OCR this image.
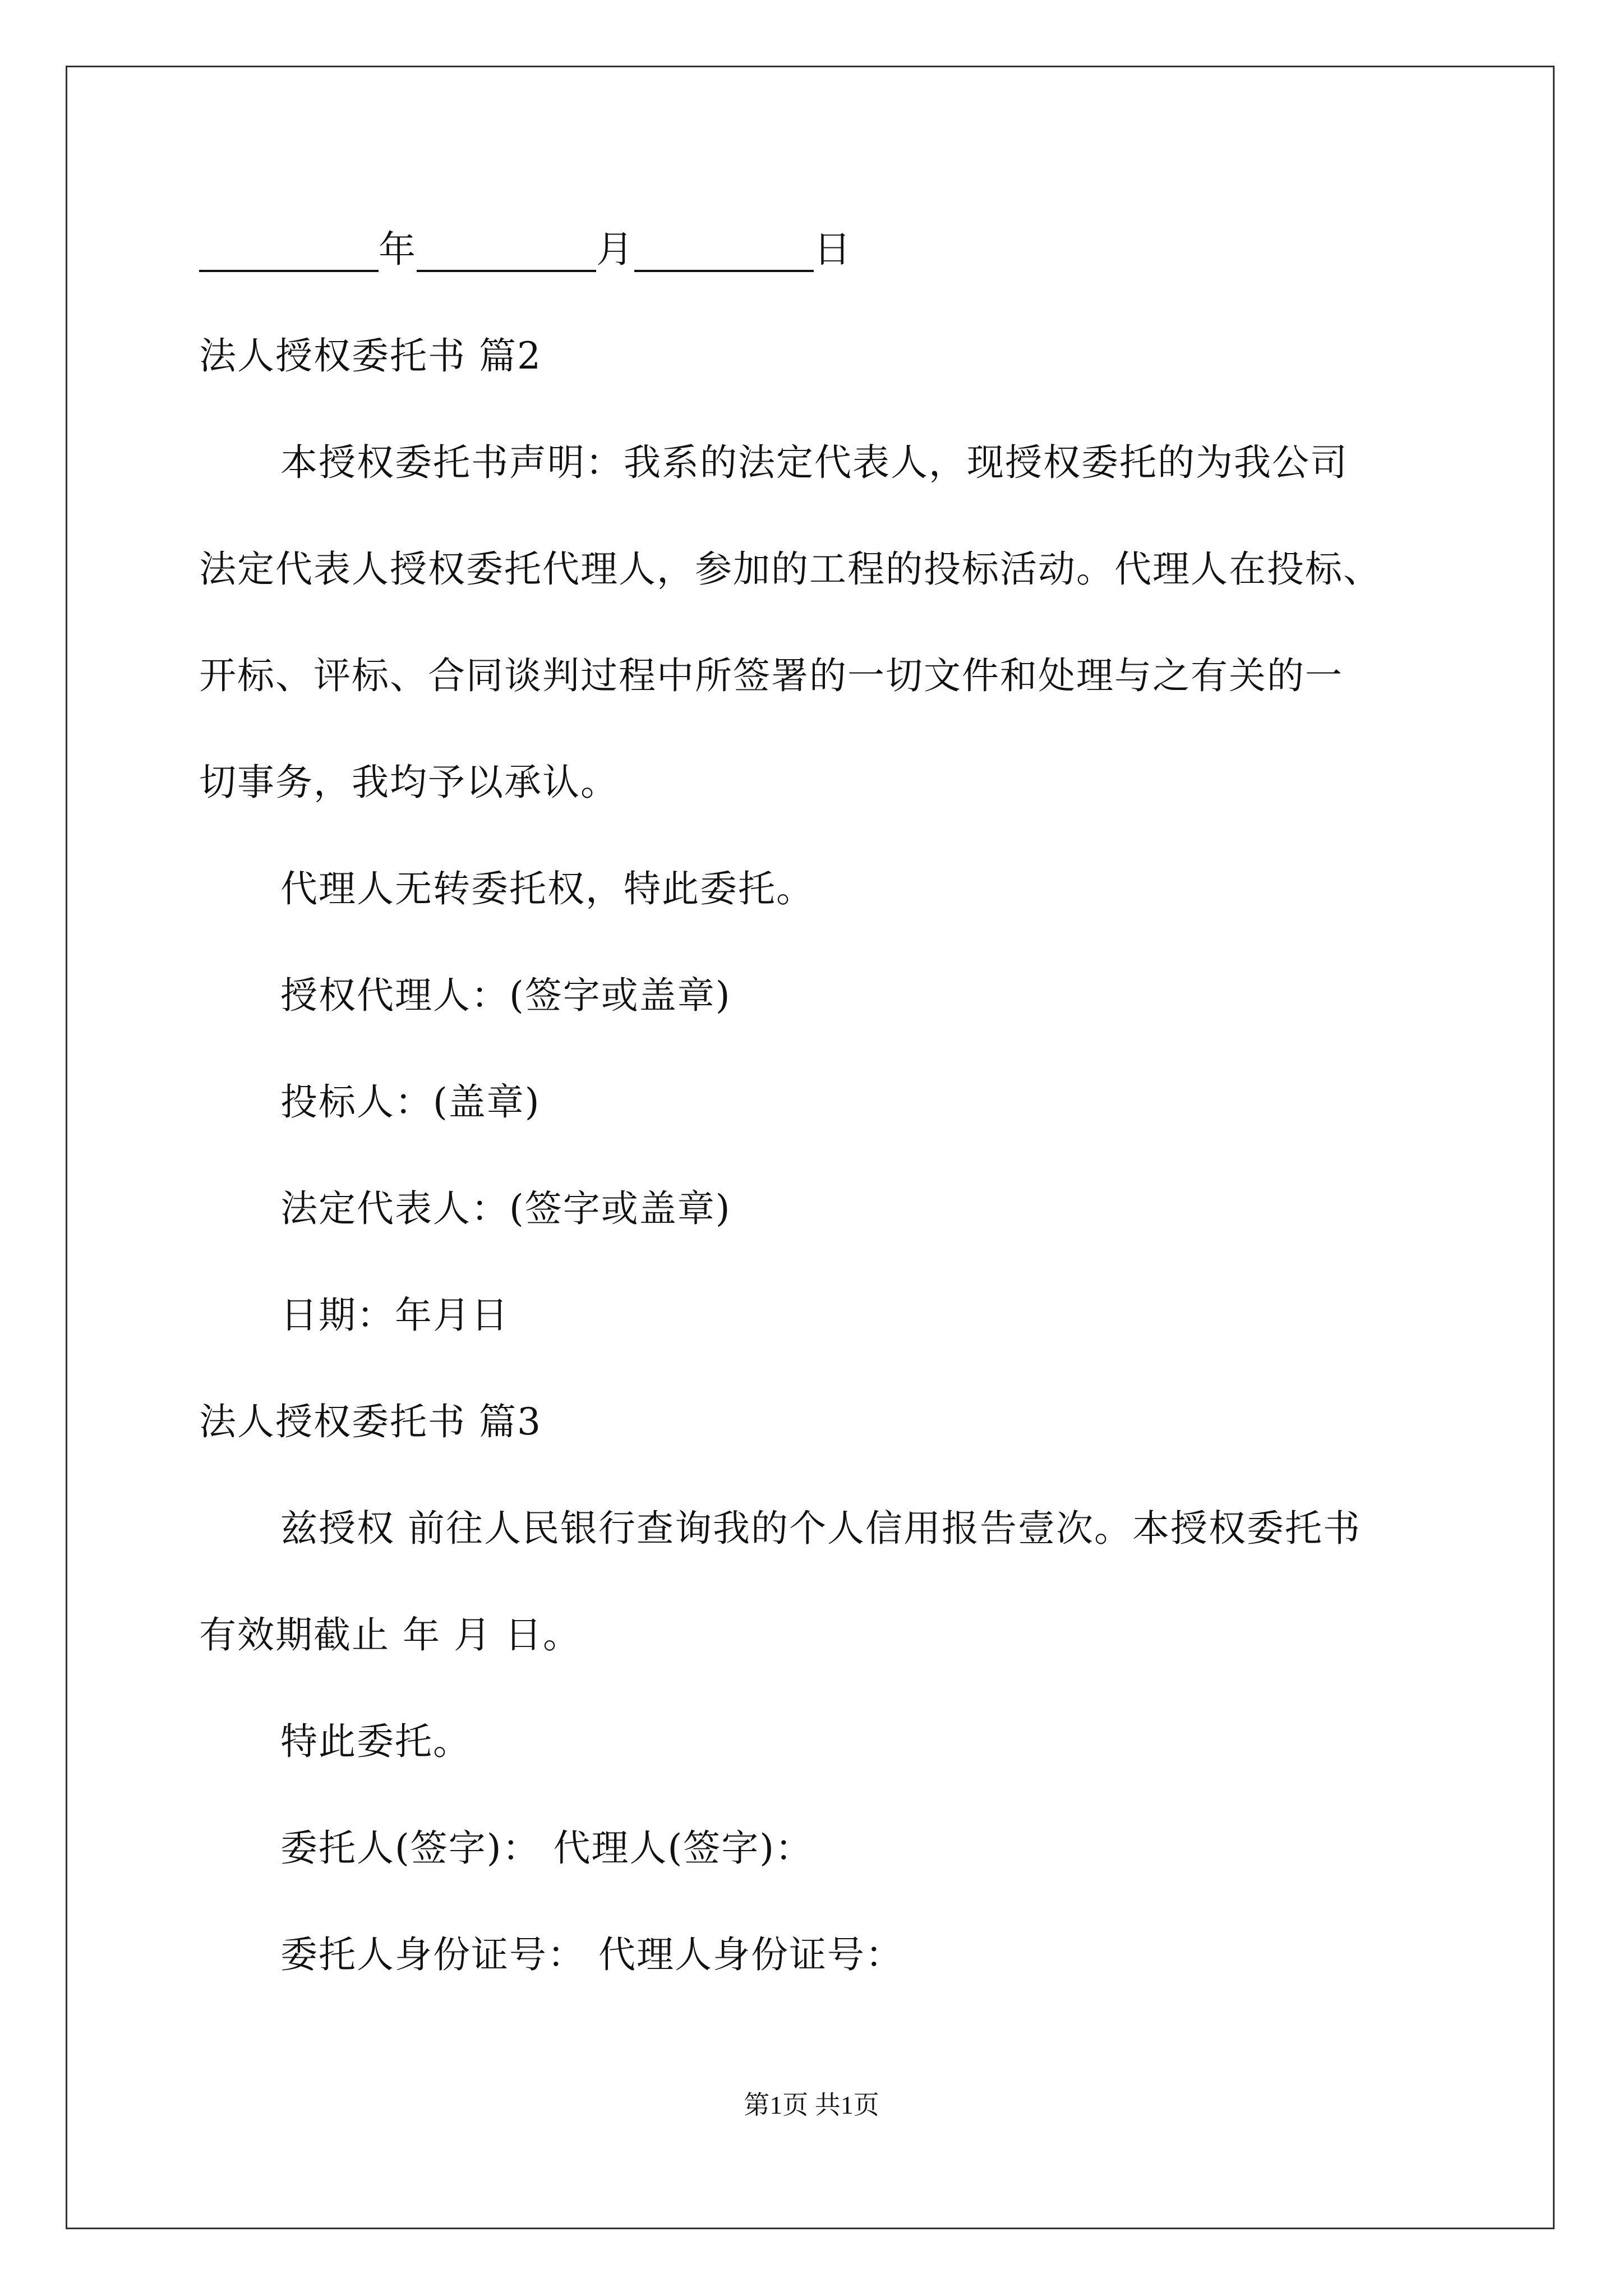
年	月	日
法人授权委托书 篇2
本授权委托书声明：我系的法定代表人，现授权委托的为我公司
法定代表人授权委托代理人，参加的工程的投标活动。代理人在投标、
开标、评标、合同谈判过程中所签署的一切文件和处理与之有关的一
切事务，我均予以承认。
代理人无转委托权，特此委托。
授权代理人：(签字或盖章)
投标人：(盖章)
法定代表人：(签字或盖章)
日期：年月日
法人授权委托书 篇3
兹授权 前往人民银行查询我的个人信用报告壹次。本授权委托书
有效期截止 年 月 日。
特此委托。
委托人(签字)： 代理人(签字)：
委托人身份证号： 代理人身份证号：
第1页 共1页
